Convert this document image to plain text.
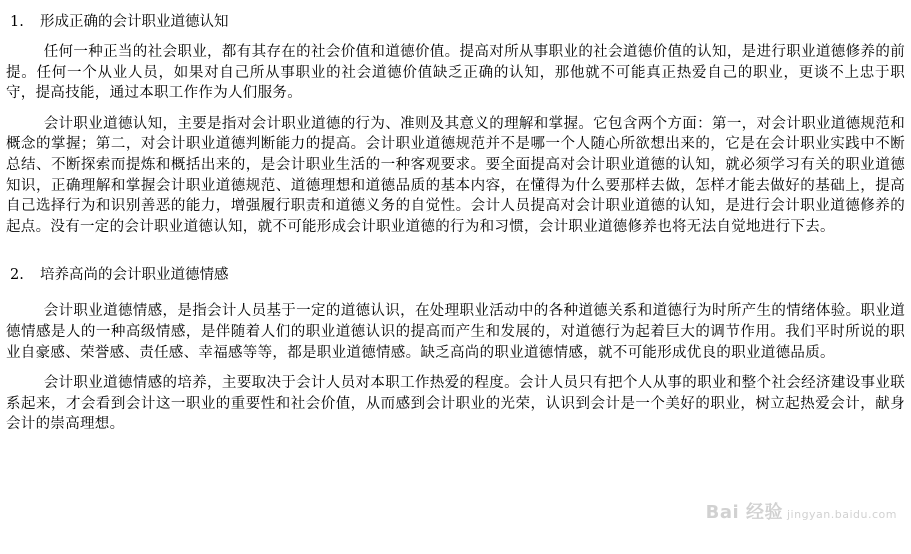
1. 形成正确的会计职业道德认知

任何一种正当的社会职业，都有其存在的社会价值和道德价值。提高对所从事职业的社会道德价值的认知，是进行职业道德修养的前提。任何一个从业人员，如果对自己所从事职业的社会道德价值缺乏正确的认知，那他就不可能真正热爱自己的职业，更谈不上忠于职守，提高技能，通过本职工作作为人们服务。

会计职业道德认知，主要是指对会计职业道德的行为、准则及其意义的理解和掌握。它包含两个方面：第一，对会计职业道德规范和概念的掌握；第二，对会计职业道德判断能力的提高。会计职业道德规范并不是哪一个人随心所欲想出来的，它是在会计职业实践中不断总结、不断探索而提炼和概括出来的，是会计职业生活的一种客观要求。要全面提高对会计职业道德的认知，就必须学习有关的职业道德知识，正确理解和掌握会计职业道德规范、道德理想和道德品质的基本内容，在懂得为什么要那样去做，怎样才能去做好的基础上，提高自己选择行为和识别善恶的能力，增强履行职责和道德义务的自觉性。会计人员提高对会计职业道德的认知，是进行会计职业道德修养的起点。没有一定的会计职业道德认知，就不可能形成会计职业道德的行为和习惯，会计职业道德修养也将无法自觉地进行下去。

2. 培养高尚的会计职业道德情感

会计职业道德情感，是指会计人员基于一定的道德认识，在处理职业活动中的各种道德关系和道德行为时所产生的情绪体验。职业道德情感是人的一种高级情感，是伴随着人们的职业道德认识的提高而产生和发展的，对道德行为起着巨大的调节作用。我们平时所说的职业自豪感、荣誉感、责任感、幸福感等等，都是职业道德情感。缺乏高尚的职业道德情感，就不可能形成优良的职业道德品质。

会计职业道德情感的培养，主要取决于会计人员对本职工作热爱的程度。会计人员只有把个人从事的职业和整个社会经济建设事业联系起来，才会看到会计这一职业的重要性和社会价值，从而感到会计职业的光荣，认识到会计是一个美好的职业，树立起热爱会计，献身会计的崇高理想。

Bai 经验 jingyan.baidu.com
